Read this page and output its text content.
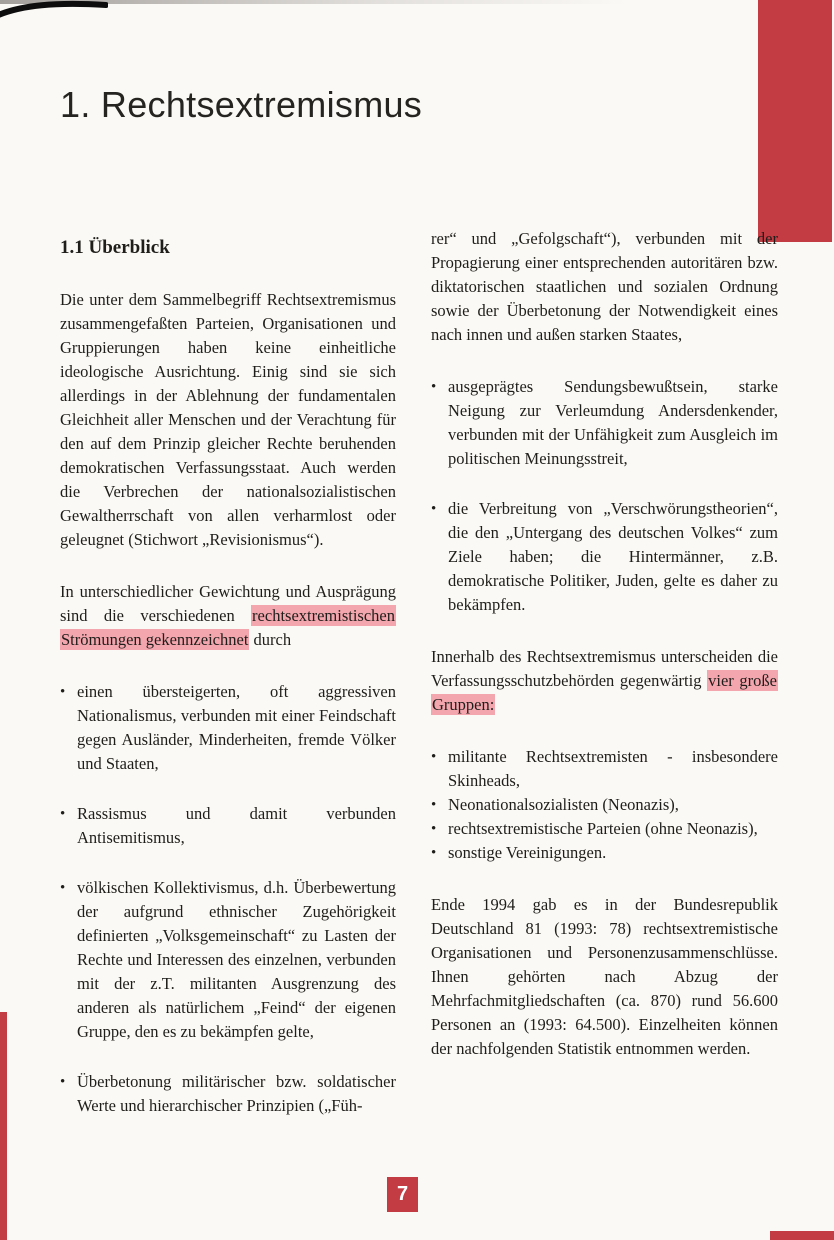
1. Rechtsextremismus
1.1 Überblick

Die unter dem Sammelbegriff Rechtsextremismus zusammengefaßten Parteien, Organisationen und Gruppierungen haben keine einheitliche ideologische Ausrichtung. Einig sind sie sich allerdings in der Ablehnung der fundamentalen Gleichheit aller Menschen und der Verachtung für den auf dem Prinzip gleicher Rechte beruhenden demokratischen Verfassungsstaat. Auch werden die Verbrechen der nationalsozialistischen Gewaltherrschaft von allen verharmlost oder geleugnet (Stichwort „Revisionismus“).

In unterschiedlicher Gewichtung und Ausprägung sind die verschiedenen rechtsextremistischen Strömungen gekennzeichnet durch

• einen übersteigerten, oft aggressiven Nationalismus, verbunden mit einer Feindschaft gegen Ausländer, Minderheiten, fremde Völker und Staaten,
• Rassismus und damit verbunden Antisemitismus,
• völkischen Kollektivismus, d.h. Überbewertung der aufgrund ethnischer Zugehörigkeit definierten „Volksgemeinschaft“ zu Lasten der Rechte und Interessen des einzelnen, verbunden mit der z.T. militanten Ausgrenzung des anderen als natürlichem „Feind“ der eigenen Gruppe, den es zu bekämpfen gelte,
• Überbetonung militärischer bzw. soldatischer Werte und hierarchischer Prinzipien („Füh-

rer“ und „Gefolgschaft“), verbunden mit der Propagierung einer entsprechenden autoritären bzw. diktatorischen staatlichen und sozialen Ordnung sowie der Überbetonung der Notwendigkeit eines nach innen und außen starken Staates,

• ausgeprägtes Sendungsbewußtsein, starke Neigung zur Verleumdung Andersdenkender, verbunden mit der Unfähigkeit zum Ausgleich im politischen Meinungsstreit,
• die Verbreitung von „Verschwörungstheorien“, die den „Untergang des deutschen Volkes“ zum Ziele haben; die Hintermänner, z.B. demokratische Politiker, Juden, gelte es daher zu bekämpfen.

Innerhalb des Rechtsextremismus unterscheiden die Verfassungsschutzbehörden gegenwärtig vier große Gruppen:

• militante Rechtsextremisten - insbesondere Skinheads,
• Neonationalsozialisten (Neonazis),
• rechtsextremistische Parteien (ohne Neonazis),
• sonstige Vereinigungen.

Ende 1994 gab es in der Bundesrepublik Deutschland 81 (1993: 78) rechtsextremistische Organisationen und Personenzusammenschlüsse. Ihnen gehörten nach Abzug der Mehrfachmitgliedschaften (ca. 870) rund 56.600 Personen an (1993: 64.500). Einzelheiten können der nachfolgenden Statistik entnommen werden.

7
